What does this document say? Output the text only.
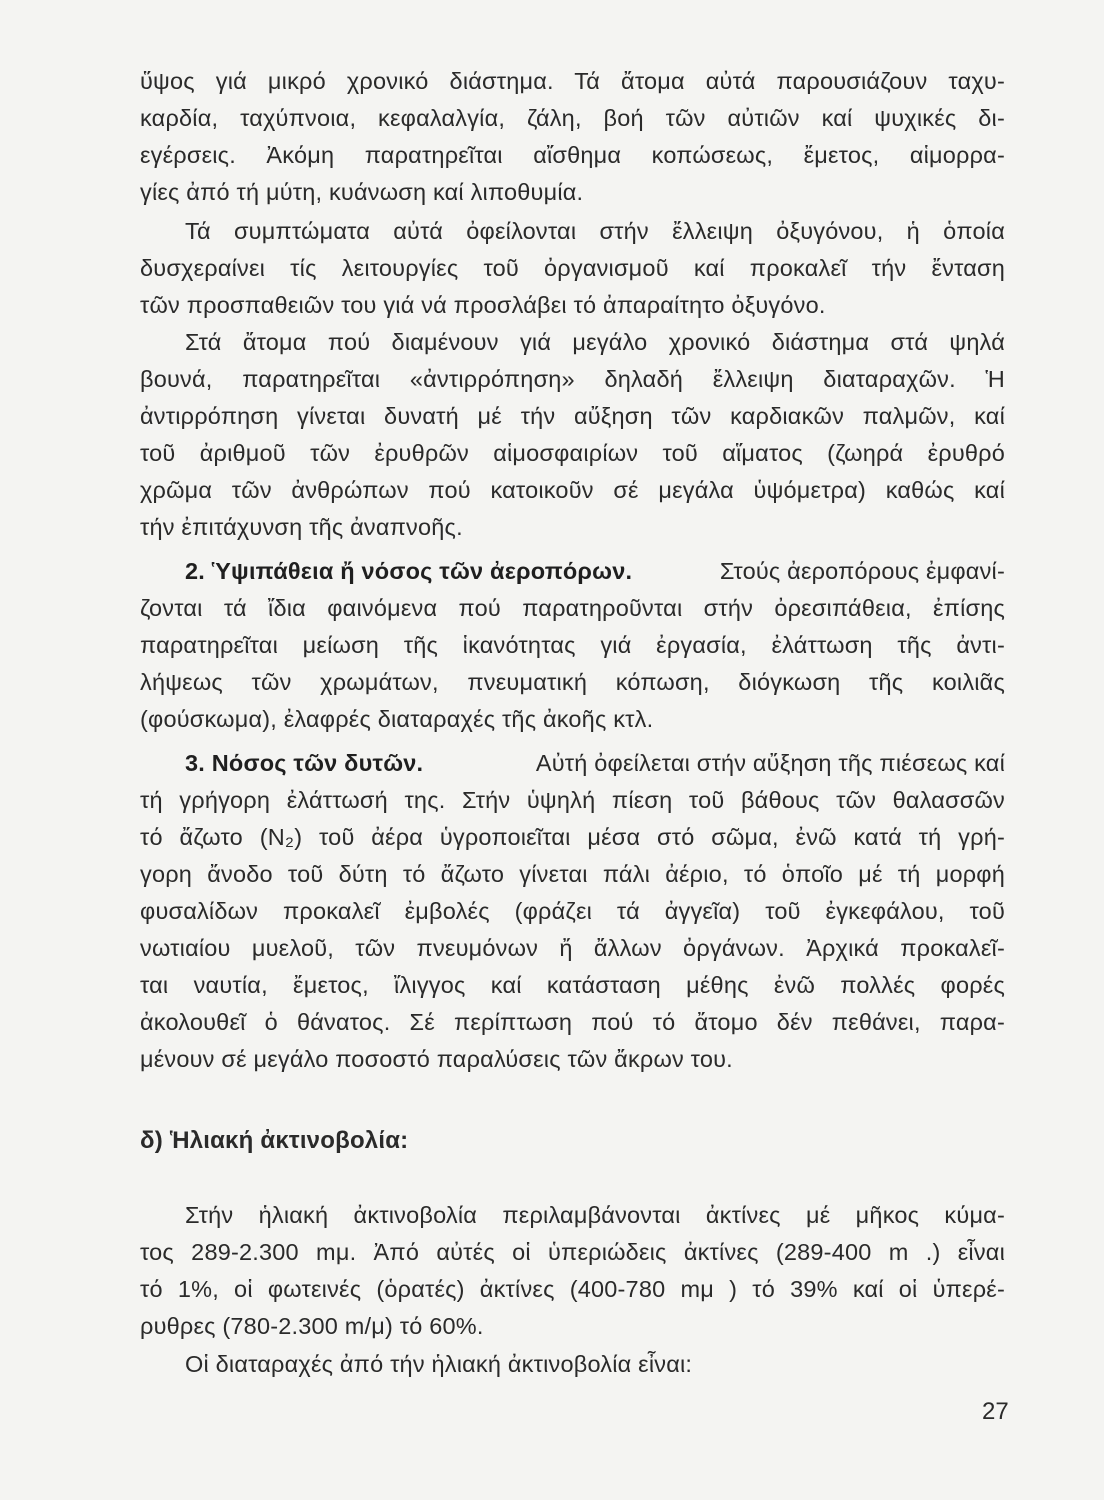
ὕψος γιά μικρό χρονικό διάστημα. Τά ἄτομα αὐτά παρουσιάζουν ταχυ-
καρδία, ταχύπνοια, κεφαλαλγία, ζάλη, βοή τῶν αὐτιῶν καί ψυχικές δι-
εγέρσεις. Ἀκόμη παρατηρεῖται αἴσθημα κοπώσεως, ἔμετος, αἱμορρα-
γίες ἀπό τή μύτη, κυάνωση καί λιποθυμία.
Τά συμπτώματα αὐτά ὀφείλονται στήν ἔλλειψη ὀξυγόνου, ἡ ὁποία
δυσχεραίνει τίς λειτουργίες τοῦ ὀργανισμοῦ καί προκαλεῖ τήν ἔνταση
τῶν προσπαθειῶν του γιά νά προσλάβει τό ἀπαραίτητο ὀξυγόνο.
Στά ἄτομα πού διαμένουν γιά μεγάλο χρονικό διάστημα στά ψηλά
βουνά, παρατηρεῖται «ἀντιρρόπηση» δηλαδή ἔλλειψη διαταραχῶν. Ἡ
ἀντιρρόπηση γίνεται δυνατή μέ τήν αὔξηση τῶν καρδιακῶν παλμῶν, καί
τοῦ ἀριθμοῦ τῶν ἐρυθρῶν αἱμοσφαιρίων τοῦ αἵματος (ζωηρά ἐρυθρό
χρῶμα τῶν ἀνθρώπων πού κατοικοῦν σέ μεγάλα ὑψόμετρα) καθώς καί
τήν ἐπιτάχυνση τῆς ἀναπνοῆς.
2. Ὑψιπάθεια ἤ νόσος τῶν ἀεροπόρων.	Στούς ἀεροπόρους ἐμφανί-
ζονται τά ἴδια φαινόμενα πού παρατηροῦνται στήν ὀρεσιπάθεια, ἐπίσης
παρατηρεῖται μείωση τῆς ἱκανότητας γιά ἐργασία, ἐλάττωση τῆς ἀντι-
λήψεως τῶν χρωμάτων, πνευματική κόπωση, διόγκωση τῆς κοιλιᾶς
(φούσκωμα), ἐλαφρές διαταραχές τῆς ἀκοῆς κτλ.
3. Νόσος τῶν δυτῶν.	Αὐτή ὀφείλεται στήν αὔξηση τῆς πιέσεως καί
τή γρήγορη ἐλάττωσή της. Στήν ὑψηλή πίεση τοῦ βάθους τῶν θαλασσῶν
τό ἄζωτο (N₂) τοῦ ἀέρα ὑγροποιεῖται μέσα στό σῶμα, ἐνῶ κατά τή γρή-
γορη ἄνοδο τοῦ δύτη τό ἄζωτο γίνεται πάλι ἀέριο, τό ὁποῖο μέ τή μορφή
φυσαλίδων προκαλεῖ ἐμβολές (φράζει τά ἀγγεῖα) τοῦ ἐγκεφάλου, τοῦ
νωτιαίου μυελοῦ, τῶν πνευμόνων ἤ ἄλλων ὀργάνων. Ἀρχικά προκαλεῖ-
ται ναυτία, ἔμετος, ἴλιγγος καί κατάσταση μέθης ἐνῶ πολλές φορές
ἀκολουθεῖ ὁ θάνατος. Σέ περίπτωση πού τό ἄτομο δέν πεθάνει, παρα-
μένουν σέ μεγάλο ποσοστό παραλύσεις τῶν ἄκρων του.
δ) Ἡλιακή ἀκτινοβολία:
Στήν ἡλιακή ἀκτινοβολία περιλαμβάνονται ἀκτίνες μέ μῆκος κύμα-
τος 289-2.300 mμ. Ἀπό αὐτές οἱ ὑπεριώδεις ἀκτίνες (289-400 m .) εἶναι
τό 1%, οἱ φωτεινές (ὁρατές) ἀκτίνες (400-780 mμ ) τό 39% καί οἱ ὑπερέ-
ρυθρες (780-2.300 m/μ) τό 60%.
Οἱ διαταραχές ἀπό τήν ἡλιακή ἀκτινοβολία εἶναι:
27
